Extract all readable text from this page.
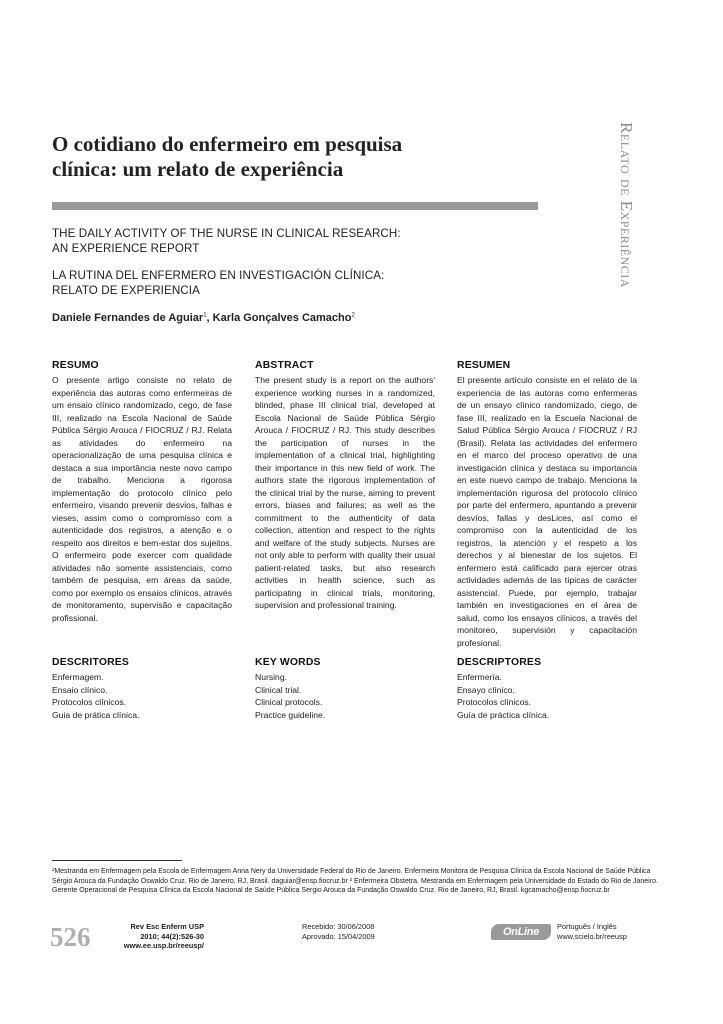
Relato de Experiência
O cotidiano do enfermeiro em pesquisa
clínica: um relato de experiência
THE DAILY ACTIVITY OF THE NURSE IN CLINICAL RESEARCH:
AN EXPERIENCE REPORT
LA RUTINA DEL ENFERMERO EN INVESTIGACIÓN CLÍNICA:
RELATO DE EXPERIENCIA

Daniele Fernandes de Aguiar$^1$, Karla Gonçalves Camacho$^2$

RESUMO

O presente artigo consiste no relato de experiência das autoras como enfermeiras de um ensaio clínico randomizado, cego, de fase III, realizado na Escola Nacional de Saúde Pública Sérgio Arouca / FIOCRUZ / RJ. Relata as atividades do enfermeiro na operacionalização de uma pesquisa clínica e destaca a sua importância neste novo campo de trabalho. Menciona a rigorosa implementação do protocolo clínico pelo enfermeiro, visando prevenir desvios, falhas e vieses, assim como o compromisso com a autenticidade dos registros, a atenção e o respeito aos direitos e bem-estar dos sujeitos. O enfermeiro pode exercer com qualidade atividades não somente assistenciais, como também de pesquisa, em áreas da saúde, como por exemplo os ensaios clínicos, através de monitoramento, supervisão e capacitação profissional.

ABSTRACT

The present study is a report on the authors' experience working nurses in a randomized, blinded, phase III clinical trial, developed at Escola Nacional de Saúde Pública Sérgio Arouca / FIOCRUZ / RJ. This study describes the participation of nurses in the implementation of a clinical trial, highlighting their importance in this new field of work. The authors state the rigorous implementation of the clinical trial by the nurse, aiming to prevent errors, biases and failures; as well as the commitment to the authenticity of data collection, attention and respect to the rights and welfare of the study subjects. Nurses are not only able to perform with quality their usual patient-related tasks, but also research activities in health science, such as participating in clinical trials, monitoring, supervision and professional training.

RESUMEN

El presente artículo consiste en el relato de la experiencia de las autoras como enfermeras de un ensayo clínico randomizado, ciego, de fase III, realizado en la Escuela Nacional de Salud Pública Sérgio Arouca / FIOCRUZ / RJ (Brasil). Relata las actividades del enfermero en el marco del proceso operativo de una investigación clínica y destaca su importancia en este nuevo campo de trabajo. Menciona la implementación rigurosa del protocolo clínico por parte del enfermero, apuntando a prevenir desvíos, fallas y desLices, así como el compromiso con la autenticidad de los registros, la atención y el respeto a los derechos y al bienestar de los sujetos. El enfermero está calificado para ejercer otras actividades además de las típicas de carácter asistencial. Puede, por ejemplo, trabajar también en investigaciones en el área de salud, como los ensayos clínicos, a través del monitoreo, supervisión y capacitación profesional.

DESCRITORES
Enfermagem.
Ensaio clínico.
Protocolos clínicos.
Guia de prática clínica.
KEY WORDS
Nursing.
Clinical trial.
Clinical protocols.
Practice guideline.
DESCRIPTORES
Enfermería.
Ensayo clínico.
Protocolos clínicos.
Guía de práctica clínica.

¹Mestranda em Enfermagem pela Escola de Enfermagem Anna Nery da Universidade Federal do Rio de Janeiro. Enfermeira Monitora de Pesquisa Clínica da Escola Nacional de Saúde Pública Sérgio Arouca da Fundação Oswaldo Cruz. Rio de Janeiro, RJ, Brasil. daguiar@ensp.fiocruz.br ² Enfermeira Obstetra. Mestranda em Enfermagem pela Universidade do Estado do Rio de Janeiro. Gerente Operacional de Pesquisa Clínica da Escola Nacional de Saúde Pública Sergio Arouca da Fundação Oswaldo Cruz. Rio de Janeiro, RJ, Brasil. kgcamacho@ensp.fiocruz.br

526	Rev Esc Enferm USP
2010; 44(2):526-30
www.ee.usp.br/reeusp/
Recebido: 30/06/2008
Aprovado: 15/04/2009	OnLine Português / Inglês
www.scielo.br/reeusp
